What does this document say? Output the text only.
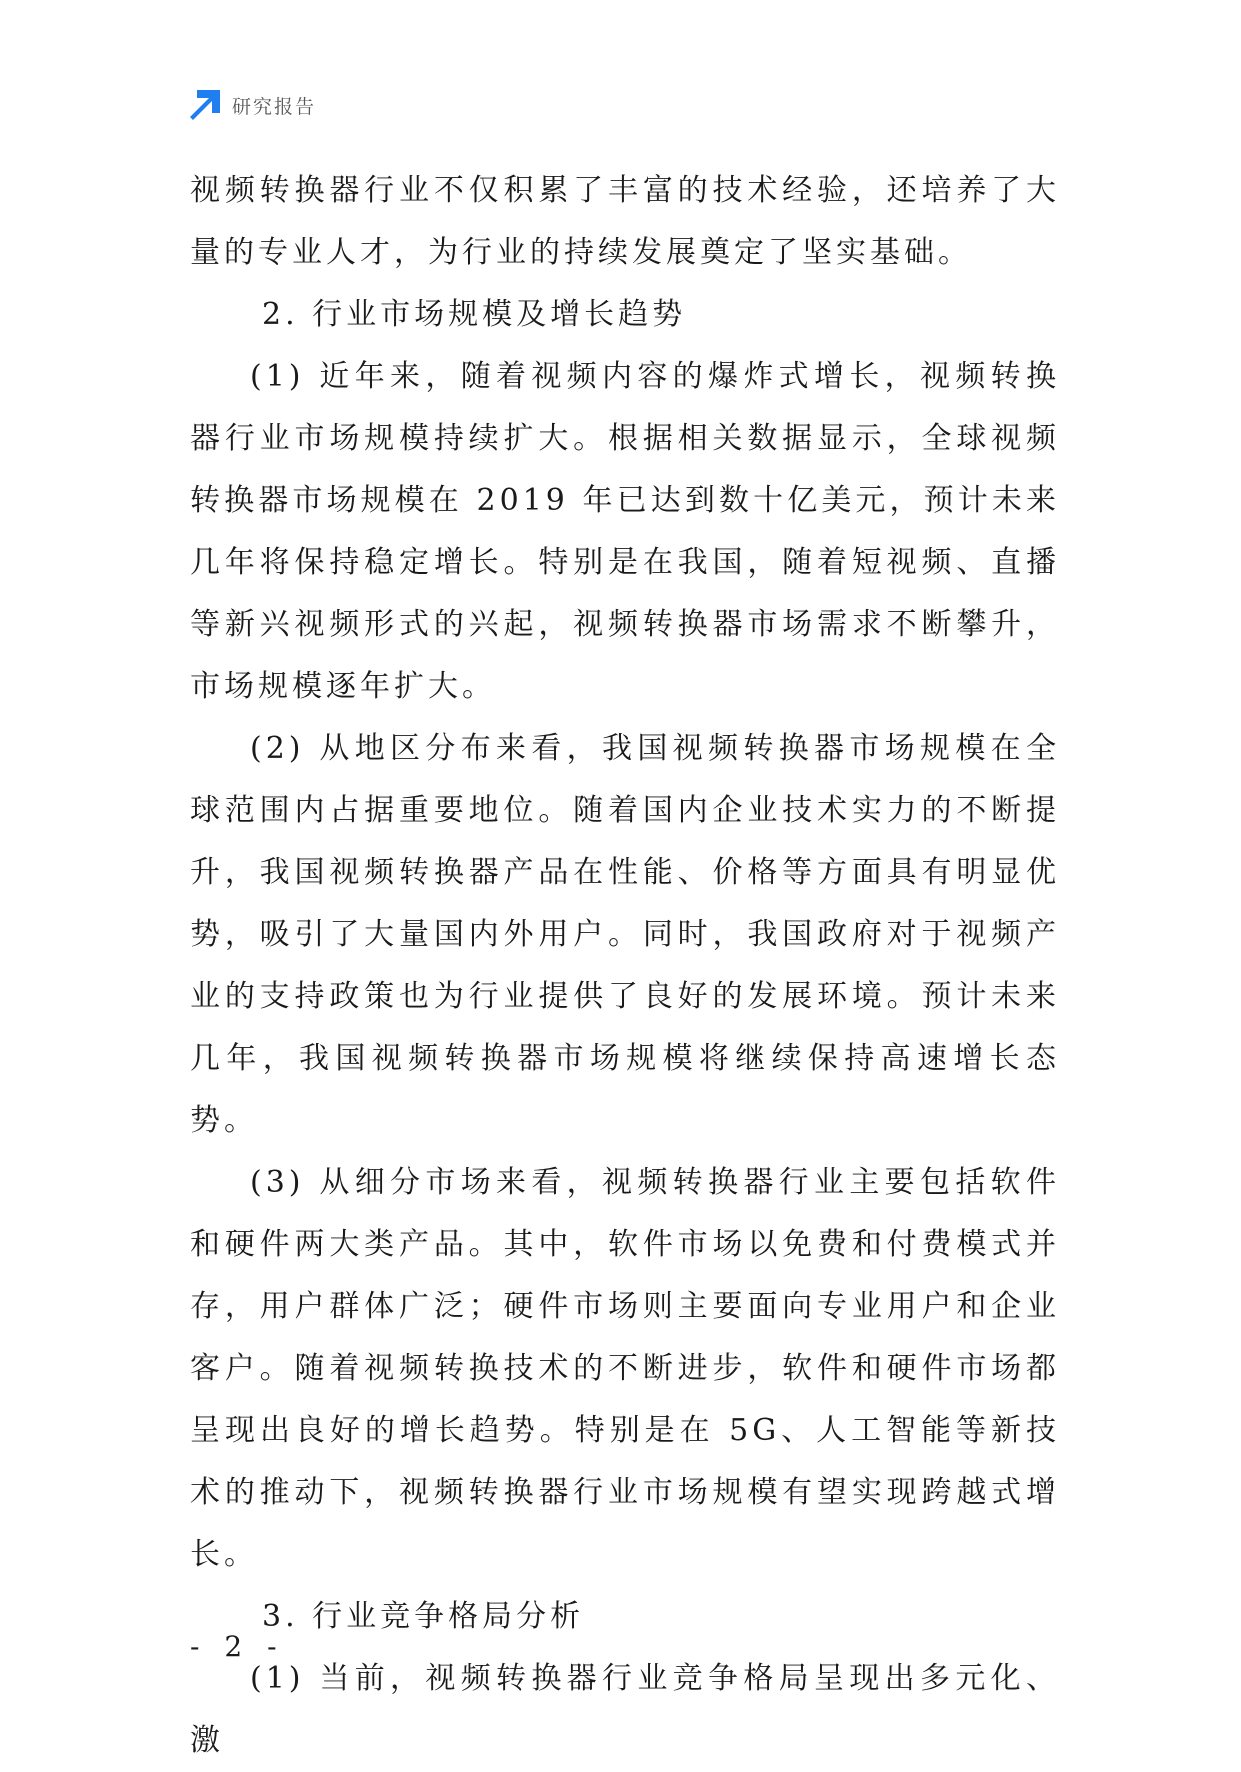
研究报告

视频转换器行业不仅积累了丰富的技术经验，还培养了大量的专业人才，为行业的持续发展奠定了坚实基础。

2. 行业市场规模及增长趋势

(1) 近年来，随着视频内容的爆炸式增长，视频转换器行业市场规模持续扩大。根据相关数据显示，全球视频转换器市场规模在 2019 年已达到数十亿美元，预计未来几年将保持稳定增长。特别是在我国，随着短视频、直播等新兴视频形式的兴起，视频转换器市场需求不断攀升，市场规模逐年扩大。

(2) 从地区分布来看，我国视频转换器市场规模在全球范围内占据重要地位。随着国内企业技术实力的不断提升，我国视频转换器产品在性能、价格等方面具有明显优势，吸引了大量国内外用户。同时，我国政府对于视频产业的支持政策也为行业提供了良好的发展环境。预计未来几年，我国视频转换器市场规模将继续保持高速增长态势。

(3) 从细分市场来看，视频转换器行业主要包括软件和硬件两大类产品。其中，软件市场以免费和付费模式并存，用户群体广泛；硬件市场则主要面向专业用户和企业客户。随着视频转换技术的不断进步，软件和硬件市场都呈现出良好的增长趋势。特别是在 5G、人工智能等新技术的推动下，视频转换器行业市场规模有望实现跨越式增长。

3. 行业竞争格局分析

(1) 当前，视频转换器行业竞争格局呈现出多元化、激

- 2 -
